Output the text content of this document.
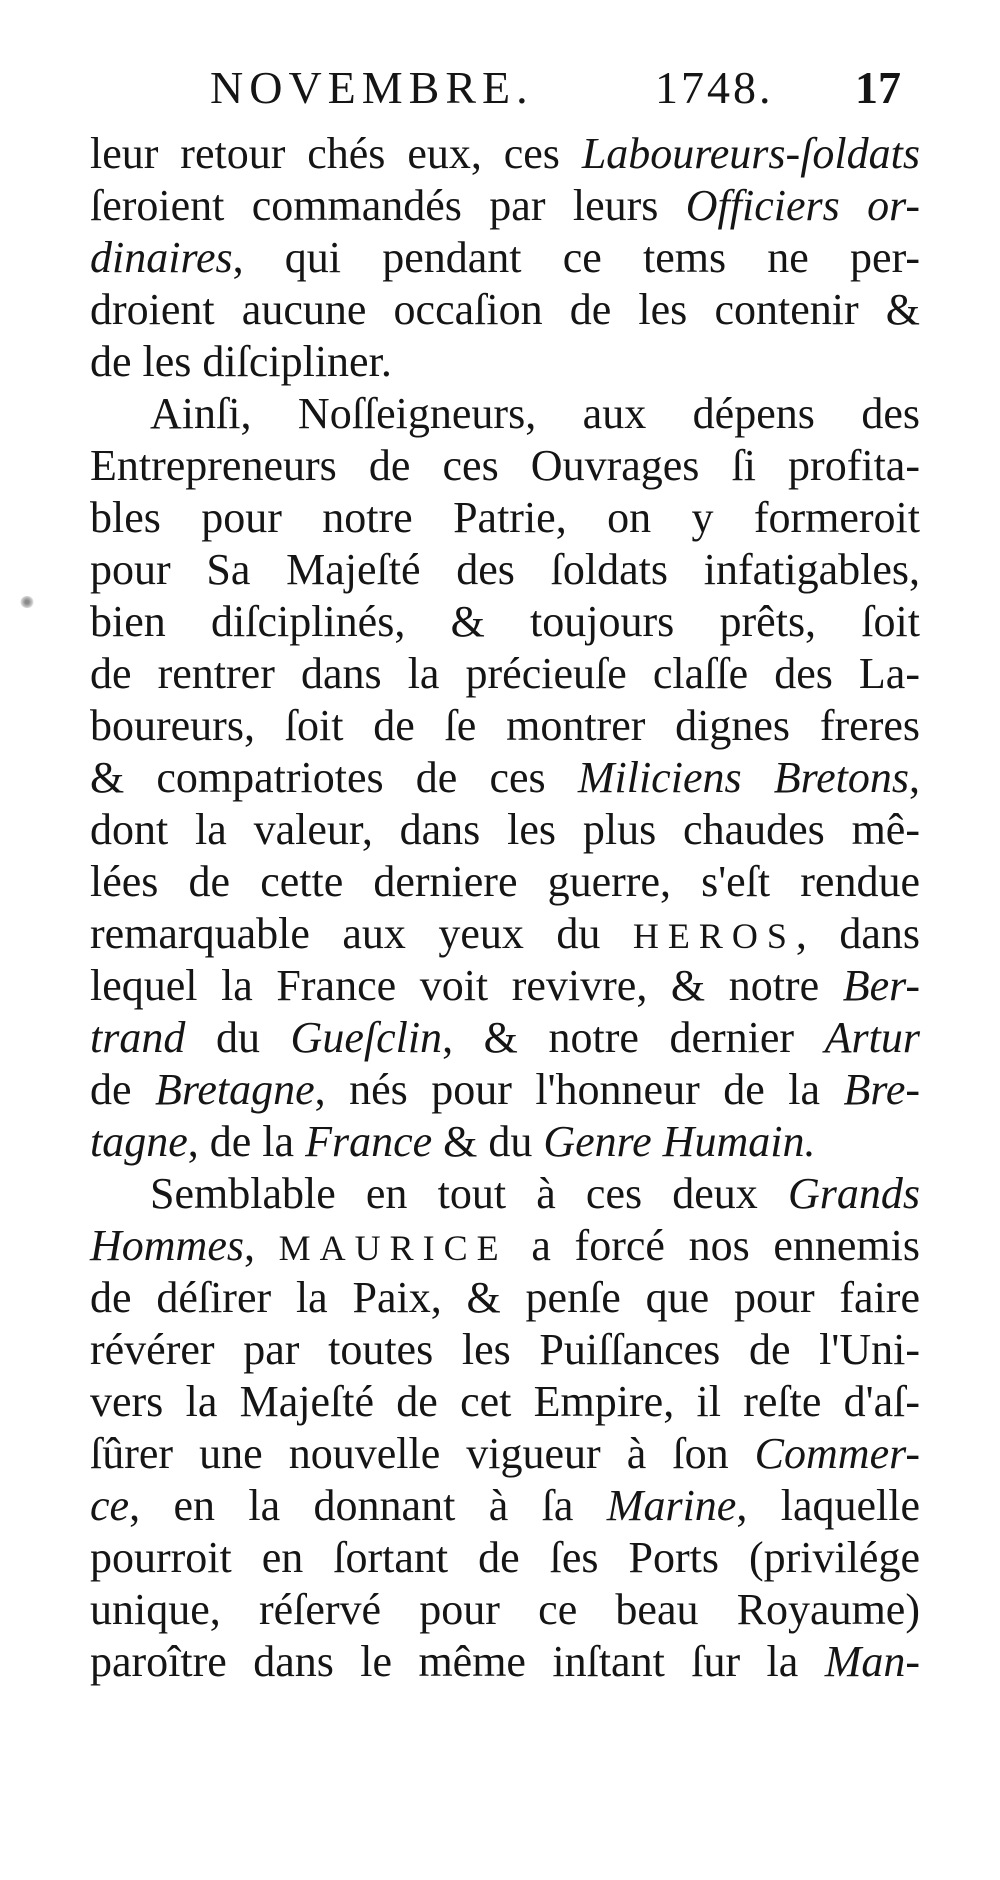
NOVEMBRE.	1748. 17
leur retour chés eux, ces Laboureurs-ſoldats
ſeroient commandés par leurs Officiers or-
dinaires, qui pendant ce tems ne per-
droient aucune occaſion de les contenir &
de les diſcipliner.
Ainſi, Noſſeigneurs, aux dépens des
Entrepreneurs de ces Ouvrages ſi profita-
bles pour notre Patrie, on y formeroit
pour Sa Majeſté des ſoldats infatigables,
bien diſciplinés, & toujours prêts, ſoit
de rentrer dans la précieuſe claſſe des La-
boureurs, ſoit de ſe montrer dignes freres
& compatriotes de ces Miliciens Bretons,
dont la valeur, dans les plus chaudes mê-
lées de cette derniere guerre, s'eſt rendue
remarquable aux yeux du HEROS, dans
lequel la France voit revivre, & notre Ber-
trand du Gueſclin, & notre dernier Artur
de Bretagne, nés pour l'honneur de la Bre-
tagne, de la France & du Genre Humain.
Semblable en tout à ces deux Grands
Hommes, MAURICE a forcé nos ennemis
de déſirer la Paix, & penſe que pour faire
révérer par toutes les Puiſſances de l'Uni-
vers la Majeſté de cet Empire, il reſte d'aſ-
ſûrer une nouvelle vigueur à ſon Commer-
ce, en la donnant à ſa Marine, laquelle
pourroit en ſortant de ſes Ports (privilége
unique, réſervé pour ce beau Royaume)
paroître dans le même inſtant ſur la Man-
